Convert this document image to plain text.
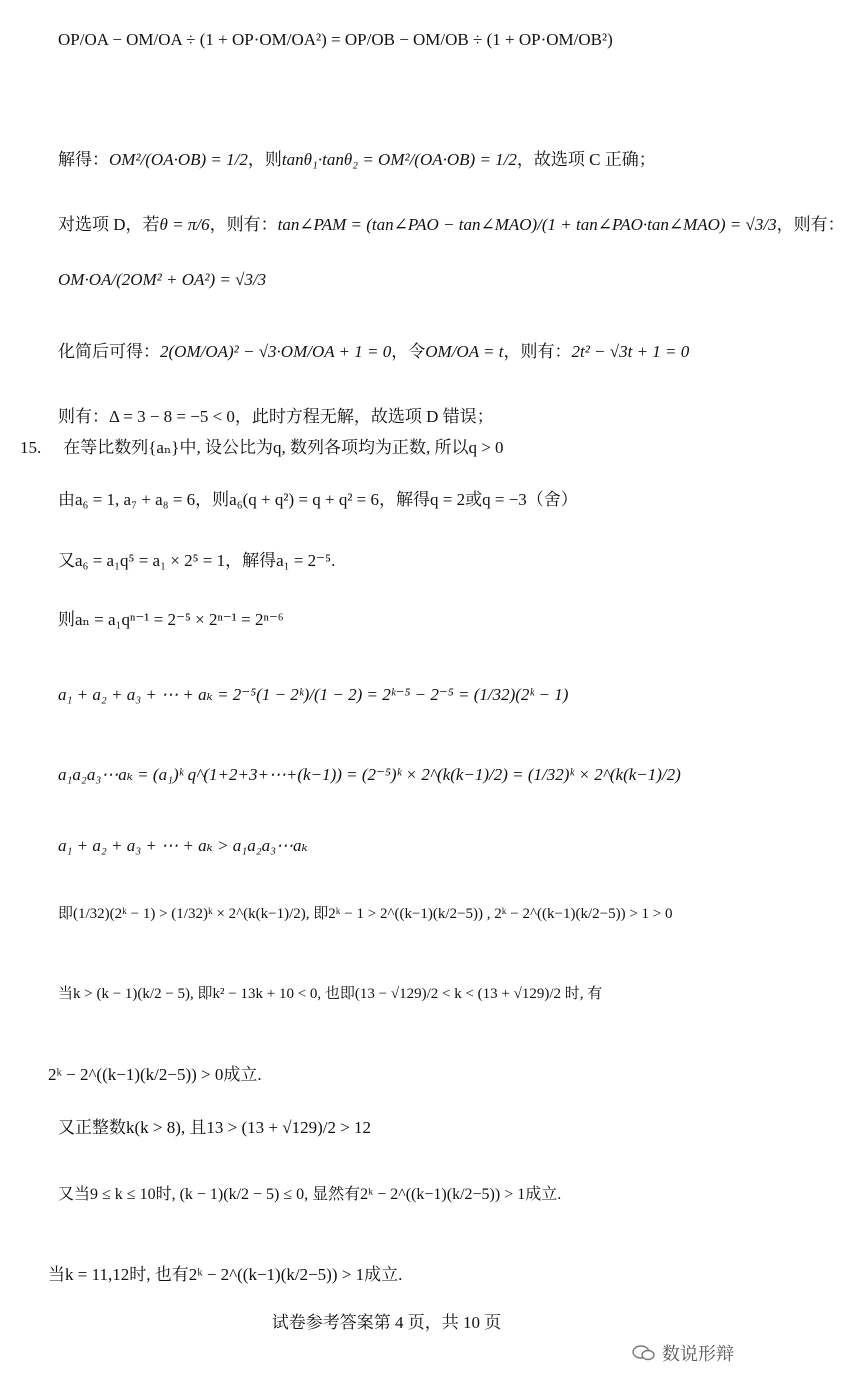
OP/OA − OM/OA ÷ (1 + OP·OM/OA²) = OP/OB − OM/OB ÷ (1 + OP·OM/OB²)
解得： OM²/(OA·OB) = 1/2 ，则 tanθ₁·tanθ₂ = OM²/(OA·OB) = 1/2 ，故选项 C 正确；
对选项 D，若 θ = π/6 ，则有： tan∠PAM = (tan∠PAO − tan∠MAO)/(1 + tan∠PAO·tan∠MAO) = √3/3 ，则有：
OM·OA/(2OM² + OA²) = √3/3
化简后可得： 2(OM/OA)² − √3·OM/OA + 1 = 0 ，令 OM/OA = t ，则有： 2t² − √3t + 1 = 0
则有：Δ = 3 − 8 = −5 < 0，此时方程无解，故选项 D 错误；
15. 在等比数列{aₙ}中, 设公比为q, 数列各项均为正数, 所以q > 0
由a₆ = 1, a₇ + a₈ = 6，则a₆(q + q²) = q + q² = 6，解得q = 2或q = −3（舍）
又a₆ = a₁q⁵ = a₁ × 2⁵ = 1，解得a₁ = 2⁻⁵.
则aₙ = a₁qⁿ⁻¹ = 2⁻⁵ × 2ⁿ⁻¹ = 2ⁿ⁻⁶
a₁ + a₂ + a₃ + ⋯ + aₖ = 2⁻⁵(1 − 2ᵏ)/(1 − 2) = 2ᵏ⁻⁵ − 2⁻⁵ = (1/32)(2ᵏ − 1)
a₁a₂a₃⋯aₖ = (a₁)ᵏ q^(1+2+3+⋯+(k−1)) = (2⁻⁵)ᵏ × 2^(k(k−1)/2) = (1/32)ᵏ × 2^(k(k−1)/2)
a₁ + a₂ + a₃ + ⋯ + aₖ > a₁a₂a₃⋯aₖ
即(1/32)(2ᵏ − 1) > (1/32)ᵏ × 2^(k(k−1)/2), 即2ᵏ − 1 > 2^((k−1)(k/2−5)) , 2ᵏ − 2^((k−1)(k/2−5)) > 1 > 0
当k > (k − 1)(k/2 − 5), 即k² − 13k + 10 < 0, 也即(13 − √129)/2 < k < (13 + √129)/2 时, 有
2ᵏ − 2^((k−1)(k/2−5)) > 0成立.
又正整数k(k > 8), 且13 > (13 + √129)/2 > 12
又当9 ≤ k ≤ 10时, (k − 1)(k/2 − 5) ≤ 0, 显然有2ᵏ − 2^((k−1)(k/2−5)) > 1成立.
当k = 11,12时, 也有2ᵏ − 2^((k−1)(k/2−5)) > 1成立.
试卷参考答案第 4 页，共 10 页
数说形辩
